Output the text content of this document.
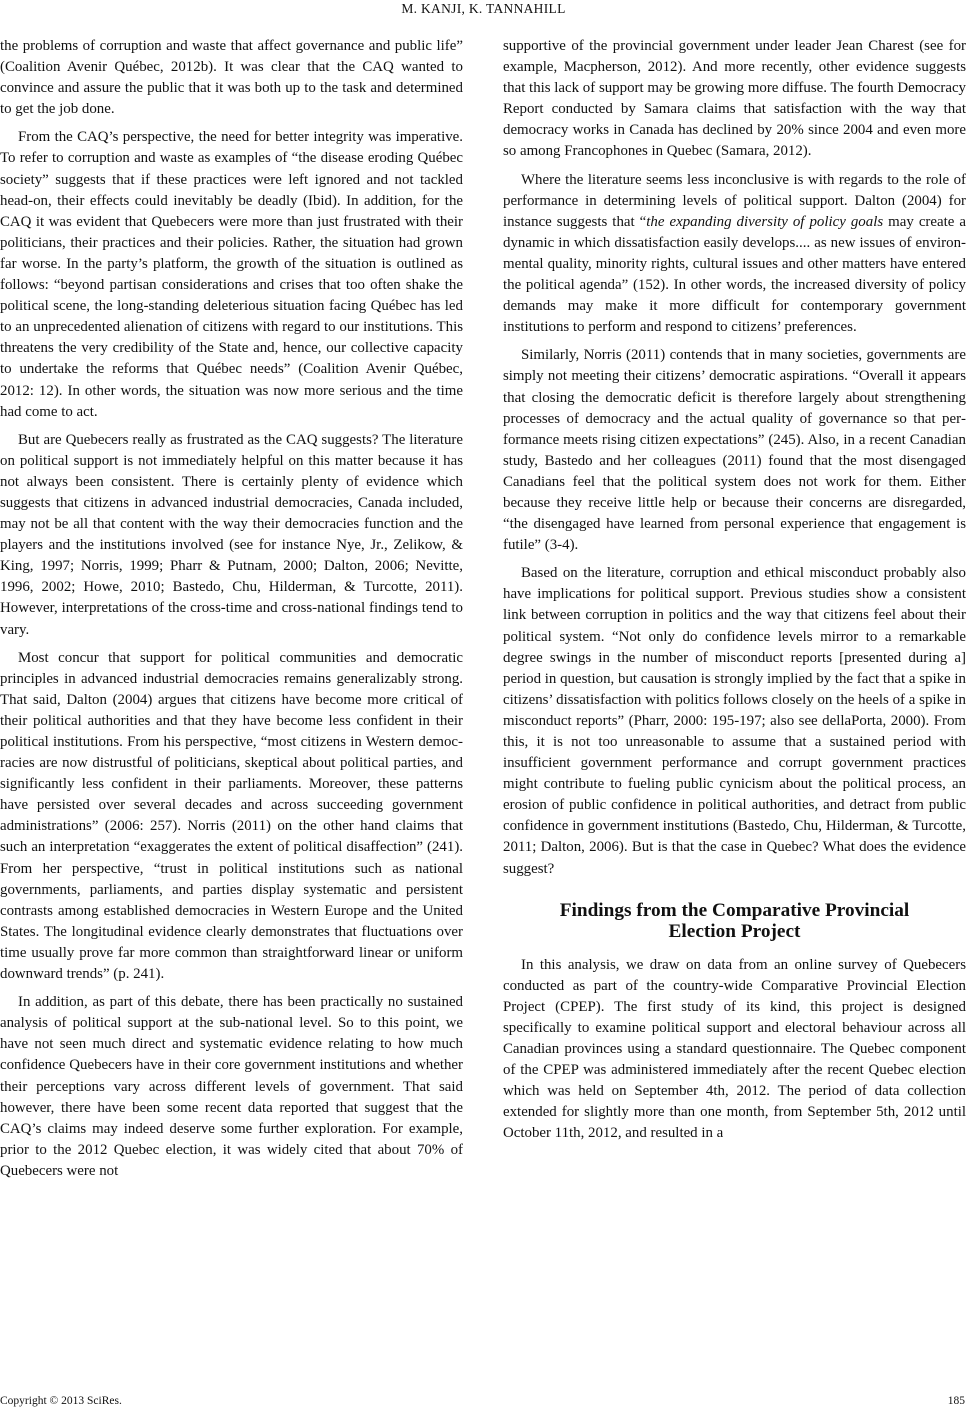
M. KANJI, K. TANNAHILL

the problems of corruption and waste that affect governance and public life” (Coalition Avenir Québec, 2012b). It was clear that the CAQ wanted to convince and assure the public that it was both up to the task and determined to get the job done.

From the CAQ’s perspective, the need for better integrity was imperative. To refer to corruption and waste as examples of “the disease eroding Québec society” suggests that if these practices were left ignored and not tackled head-on, their effects could inevitably be deadly (Ibid). In addition, for the CAQ it was evident that Quebecers were more than just frustrated with their politicians, their practices and their policies. Rather, the situation had grown far worse. In the party’s platform, the growth of the situation is outlined as follows: “beyond partisan considerations and crises that too often shake the political scene, the long-standing deleterious situation facing Québec has led to an unprecedented alienation of citizens with regard to our institutions. This threatens the very credibility of the State and, hence, our collective capacity to undertake the reforms that Québec needs” (Coalition Avenir Québec, 2012: 12). In other words, the situation was now more serious and the time had come to act.

But are Quebecers really as frustrated as the CAQ suggests? The literature on political support is not immediately helpful on this matter because it has not always been consistent. There is certainly plenty of evidence which suggests that citizens in advanced industrial democracies, Canada included, may not be all that content with the way their democracies function and the players and the institutions involved (see for instance Nye, Jr., Zelikow, & King, 1997; Norris, 1999; Pharr & Putnam, 2000; Dalton, 2006; Nevitte, 1996, 2002; Howe, 2010; Bastedo, Chu, Hilderman, & Turcotte, 2011). However, interpretations of the cross-time and cross-national findings tend to vary.

Most concur that support for political communities and democratic principles in advanced industrial democracies remains generalizably strong. That said, Dalton (2004) argues that citizens have become more critical of their political authorities and that they have become less confident in their political institutions. From his perspective, “most citizens in Western democracies are now distrustful of politicians, skeptical about political parties, and significantly less confident in their parliaments. Moreover, these patterns have persisted over several decades and across succeeding government administrations” (2006: 257). Norris (2011) on the other hand claims that such an interpretation “exaggerates the extent of political disaffection” (241). From her perspective, “trust in political institutions such as national governments, parliaments, and parties display systematic and persistent contrasts among established democracies in Western Europe and the United States. The longitudinal evidence clearly demonstrates that fluctuations over time usually prove far more common than straightforward linear or uniform downward trends” (p. 241).

In addition, as part of this debate, there has been practically no sustained analysis of political support at the sub-national level. So to this point, we have not seen much direct and systematic evidence relating to how much confidence Quebecers have in their core government institutions and whether their perceptions vary across different levels of government. That said however, there have been some recent data reported that suggest that the CAQ’s claims may indeed deserve some further exploration. For example, prior to the 2012 Quebec election, it was widely cited that about 70% of Quebecers were not

supportive of the provincial government under leader Jean Charest (see for example, Macpherson, 2012). And more recently, other evidence suggests that this lack of support may be growing more diffuse. The fourth Democracy Report conducted by Samara claims that satisfaction with the way that democracy works in Canada has declined by 20% since 2004 and even more so among Francophones in Quebec (Samara, 2012).

Where the literature seems less inconclusive is with regards to the role of performance in determining levels of political support. Dalton (2004) for instance suggests that “the expanding diversity of policy goals may create a dynamic in which dissatisfaction easily develops.... as new issues of environmental quality, minority rights, cultural issues and other matters have entered the political agenda” (152). In other words, the increased diversity of policy demands may make it more difficult for contemporary government institutions to perform and respond to citizens’ preferences.

Similarly, Norris (2011) contends that in many societies, governments are simply not meeting their citizens’ democratic aspirations. “Overall it appears that closing the democratic deficit is therefore largely about strengthening processes of democracy and the actual quality of governance so that performance meets rising citizen expectations” (245). Also, in a recent Canadian study, Bastedo and her colleagues (2011) found that the most disengaged Canadians feel that the political system does not work for them. Either because they receive little help or because their concerns are disregarded, “the disengaged have learned from personal experience that engagement is futile” (3-4).

Based on the literature, corruption and ethical misconduct probably also have implications for political support. Previous studies show a consistent link between corruption in politics and the way that citizens feel about their political system. “Not only do confidence levels mirror to a remarkable degree swings in the number of misconduct reports [presented during a] period in question, but causation is strongly implied by the fact that a spike in citizens’ dissatisfaction with politics follows closely on the heels of a spike in misconduct reports” (Pharr, 2000: 195-197; also see dellaPorta, 2000). From this, it is not too unreasonable to assume that a sustained period with insufficient government performance and corrupt government practices might contribute to fueling public cynicism about the political process, an erosion of public confidence in political authorities, and detract from public confidence in government institutions (Bastedo, Chu, Hilderman, & Turcotte, 2011; Dalton, 2006). But is that the case in Quebec? What does the evidence suggest?

Findings from the Comparative Provincial
Election Project

In this analysis, we draw on data from an online survey of Quebecers conducted as part of the country-wide Comparative Provincial Election Project (CPEP). The first study of its kind, this project is designed specifically to examine political support and electoral behaviour across all Canadian provinces using a standard questionnaire. The Quebec component of the CPEP was administered immediately after the recent Quebec election which was held on September 4th, 2012. The period of data collection extended for slightly more than one month, from September 5th, 2012 until October 11th, 2012, and resulted in a

Copyright © 2013 SciRes.	185
